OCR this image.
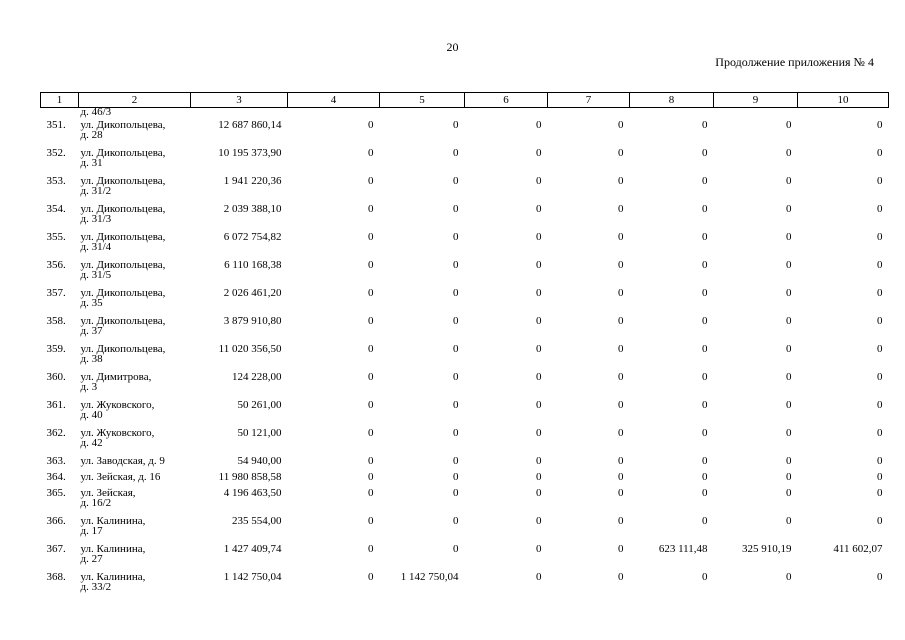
20
Продолжение приложения № 4
1	2	3	4	5	6	7	8	9	10
	д. 46/3								
351.	ул. Дикопольцева,
д. 28	12 687 860,14	0	0	0	0	0	0	0
352.	ул. Дикопольцева,
д. 31	10 195 373,90	0	0	0	0	0	0	0
353.	ул. Дикопольцева,
д. 31/2	1 941 220,36	0	0	0	0	0	0	0
354.	ул. Дикопольцева,
д. 31/3	2 039 388,10	0	0	0	0	0	0	0
355.	ул. Дикопольцева,
д. 31/4	6 072 754,82	0	0	0	0	0	0	0
356.	ул. Дикопольцева,
д. 31/5	6 110 168,38	0	0	0	0	0	0	0
357.	ул. Дикопольцева,
д. 35	2 026 461,20	0	0	0	0	0	0	0
358.	ул. Дикопольцева,
д. 37	3 879 910,80	0	0	0	0	0	0	0
359.	ул. Дикопольцева,
д. 38	11 020 356,50	0	0	0	0	0	0	0
360.	ул. Димитрова,
д. 3	124 228,00	0	0	0	0	0	0	0
361.	ул. Жуковского,
д. 40	50 261,00	0	0	0	0	0	0	0
362.	ул. Жуковского,
д. 42	50 121,00	0	0	0	0	0	0	0
363.	ул. Заводская, д. 9	54 940,00	0	0	0	0	0	0	0
364.	ул. Зейская, д. 16	11 980 858,58	0	0	0	0	0	0	0
365.	ул. Зейская,
д. 16/2	4 196 463,50	0	0	0	0	0	0	0
366.	ул. Калинина,
д. 17	235 554,00	0	0	0	0	0	0	0
367.	ул. Калинина,
д. 27	1 427 409,74	0	0	0	0	623 111,48	325 910,19	411 602,07
368.	ул. Калинина,
д. 33/2	1 142 750,04	0	1 142 750,04	0	0	0	0	0
